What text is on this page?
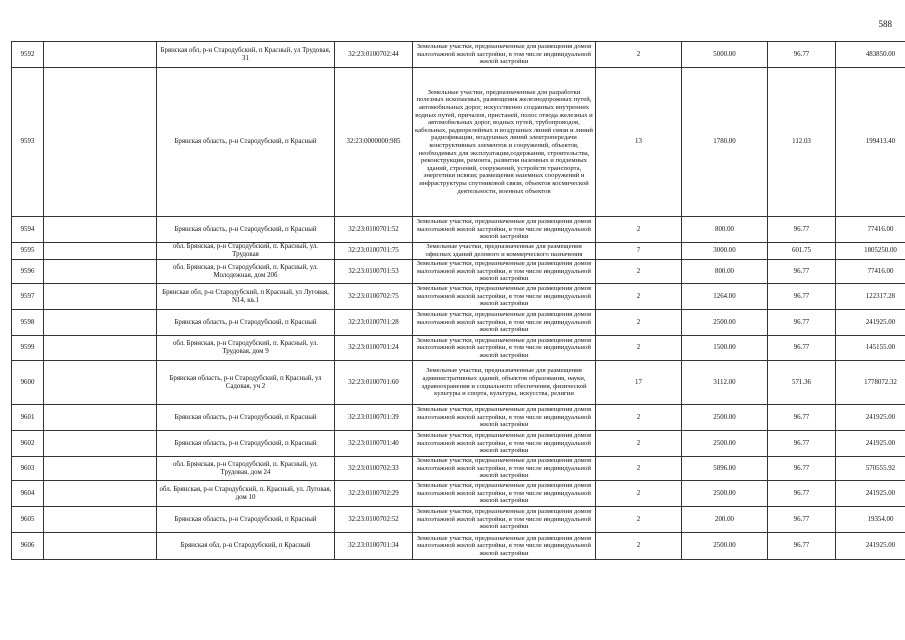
588
9592		Брянская обл, р-н Стародубский, п Красный, ул Трудовая, 31	32:23:0100702:44	Земельные участки, предназначенные для размещения домов малоэтажной жилой застройки, в том числе индивидуальной жилой застройки	2	5000.00	96.77	483850.00
9593		Брянская область, р-н Стародубский, п Красный	32:23:0000000:985	Земельные участки, предназначенные для разработки полезных ископаемых, размещения железнодорожных путей, автомобильных дорог, искусственно созданных внутренних водных путей, причалов, пристаней, полос отвода железных и автомобильных дорог, водных путей, трубопроводов, кабельных, радиорелейных и воздушных линий связи и линий радиофикации, воздушных линий электропередачи конструктивных элементов и сооружений, объектов, необходимых для эксплуатации,содержания, строительства, реконструкции, ремонта, развития наземных и подземных зданий, строений, сооружений, устройств транспорта, энергетики исвязи; размещения наземных сооружений и инфраструктуры спутниковой связи, объектов космической деятельности, военных объектов	13	1780.00	112.03	199413.40
9594		Брянская область, р-н Стародубский, п Красный	32:23:0100701:52	Земельные участки, предназначенные для размещения домов малоэтажной жилой застройки, в том числе индивидуальной жилой застройки	2	800.00	96.77	77416.00
9595		обл. Брянская, р-н Стародубский, п. Красный, ул. Трудовая	32:23:0100701:75	Земельные участки, предназначенные для размещения офисных зданий делового и коммерческого назначения	7	3000.00	601.75	1805250.00
9596		обл. Брянская, р-н Стародубский, п. Красный, ул. Молодежная, дом 20б	32:23:0100701:53	Земельные участки, предназначенные для размещения домов малоэтажной жилой застройки, в том числе индивидуальной жилой застройки	2	800.00	96.77	77416.00
9597		Брянская обл, р-н Стародубский, п Красный, ул Луговая, N14, кв.1	32:23:0100702:75	Земельные участки, предназначенные для размещения домов малоэтажной жилой застройки, в том числе индивидуальной жилой застройки	2	1264.00	96.77	122317.28
9598		Брянская область, р-н Стародубский, п Красный	32:23:0100701:28	Земельные участки, предназначенные для размещения домов малоэтажной жилой застройки, в том числе индивидуальной жилой застройки	2	2500.00	96.77	241925.00
9599		обл. Брянская, р-н Стародубский, п. Красный, ул. Трудовая, дом 9	32:23:0100701:24	Земельные участки, предназначенные для размещения домов малоэтажной жилой застройки, в том числе индивидуальной жилой застройки	2	1500.00	96.77	145155.00
9600		Брянская область, р-н Стародубский, п Красный, ул Садовая, уч 2	32:23:0100701:60	Земельные участки, предназначенные для размещения административных зданий, объектов образования, науки, здравоохранения и социального обеспечения, физической культуры и спорта, культуры, искусства, религии	17	3112.00	571.36	1778072.32
9601		Брянская область, р-н Стародубский, п Красный	32:23:0100701:39	Земельные участки, предназначенные для размещения домов малоэтажной жилой застройки, в том числе индивидуальной жилой застройки	2	2500.00	96.77	241925.00
9602		Брянская область, р-н Стародубский, п Красный	32:23:0100701:40	Земельные участки, предназначенные для размещения домов малоэтажной жилой застройки, в том числе индивидуальной жилой застройки	2	2500.00	96.77	241925.00
9603		обл. Брянская, р-н Стародубский, п. Красный, ул. Трудовая, дом 24	32:23:0100702:33	Земельные участки, предназначенные для размещения домов малоэтажной жилой застройки, в том числе индивидуальной жилой застройки	2	5896.00	96.77	570555.92
9604		обл. Брянская, р-н Стародубский, п. Красный, ул. Луговая, дом 10	32:23:0100702:29	Земельные участки, предназначенные для размещения домов малоэтажной жилой застройки, в том числе индивидуальной жилой застройки	2	2500.00	96.77	241925.00
9605		Брянская область, р-н Стародубский, п Красный	32:23:0100702:52	Земельные участки, предназначенные для размещения домов малоэтажной жилой застройки, в том числе индивидуальной жилой застройки	2	200.00	96.77	19354.00
9606		Брянская обл, р-н Стародубский, п Красный	32:23:0100701:34	Земельные участки, предназначенные для размещения домов малоэтажной жилой застройки, в том числе индивидуальной жилой застройки	2	2500.00	96.77	241925.00
